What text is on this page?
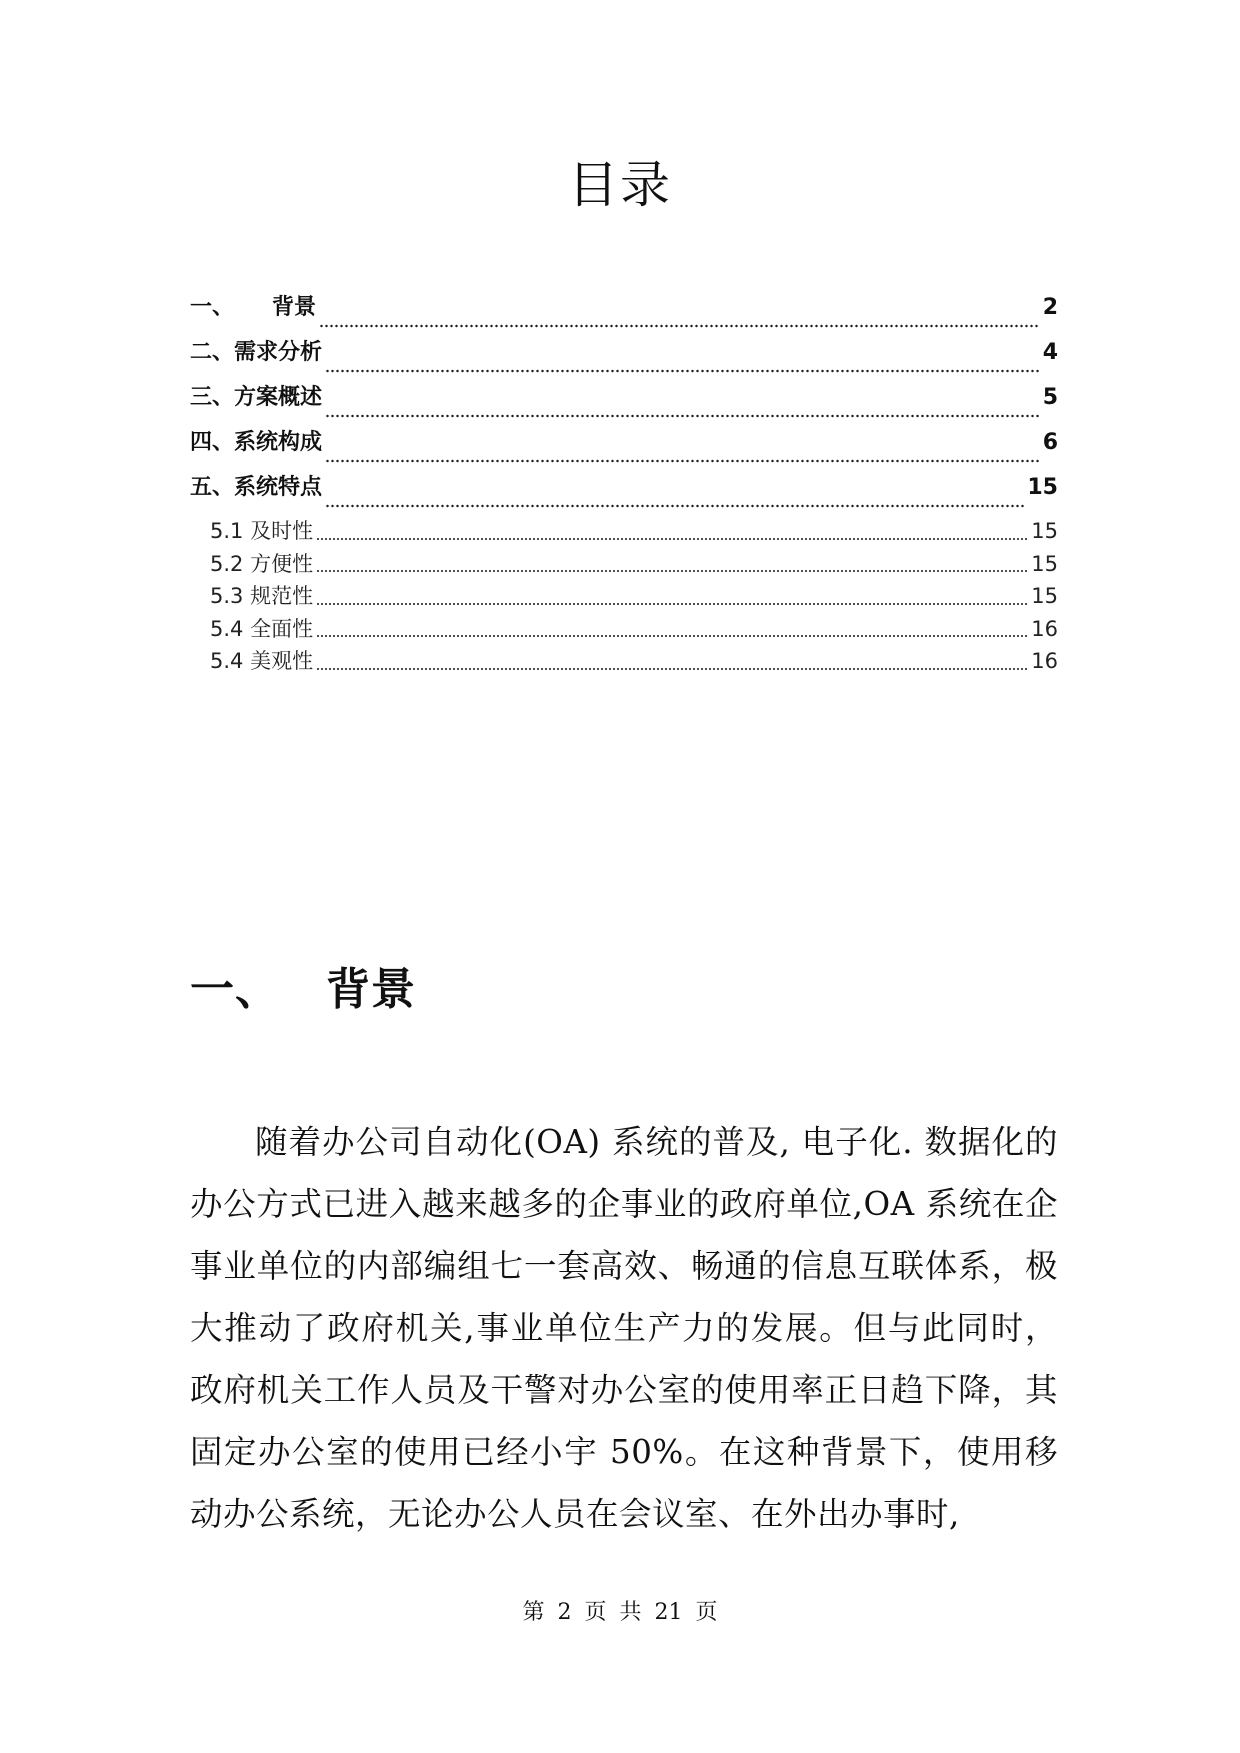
目录
一、 背景	2
二、需求分析	4
三、方案概述	5
四、系统构成	6
五、系统特点	15
5.1 及时性	15
5.2 方便性	15
5.3 规范性	15
5.4 全面性	16
5.4 美观性	16
一、 背景

随着办公司自动化(OA) 系统的普及, 电子化. 数据化的办公方式已进入越来越多的企事业的政府单位,OA 系统在企事业单位的内部编组七一套高效、畅通的信息互联体系，极大推动了政府机关,事业单位生产力的发展。但与此同时，政府机关工作人员及干警对办公室的使用率正日趋下降，其固定办公室的使用已经小宇 50%。在这种背景下，使用移动办公系统，无论办公人员在会议室、在外出办事时,

第 2 页 共 21 页
